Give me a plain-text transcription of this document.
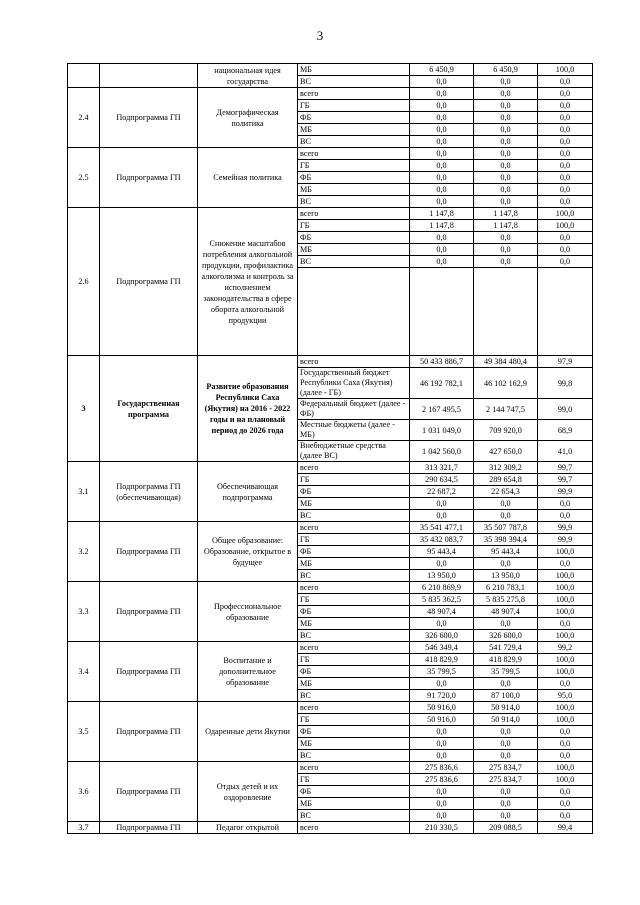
3
		национальная идея государства	МБ	6 450,9	6 450,9	100,0
			ВС	0,0	0,0	0,0
2.4	Подпрограмма ГП	Демографическая политика	всего	0,0	0,0	0,0
			ГБ	0,0	0,0	0,0
			ФБ	0,0	0,0	0,0
			МБ	0,0	0,0	0,0
			ВС	0,0	0,0	0,0
2.5	Подпрограмма ГП	Семейная политика	всего	0,0	0,0	0,0
			ГБ	0,0	0,0	0,0
			ФБ	0,0	0,0	0,0
			МБ	0,0	0,0	0,0
			ВС	0,0	0,0	0,0
2.6	Подпрограмма ГП	Снижение масштабов потребления алкогольной продукции, профилактика алкоголизма и контроль за исполнением законодательства в сфере оборота алкогольной продукции	всего	1 147,8	1 147,8	100,0
			ГБ	1 147,8	1 147,8	100,0
			ФБ	0,0	0,0	0,0
			МБ	0,0	0,0	0,0
			ВС	0,0	0,0	0,0

3	Государственная программа	Развитие образования Республики Саха (Якутия) на 2016 - 2022 годы и на плановый период до 2026 года	всего	50 433 886,7	49 384 480,4	97,9
			Государственный бюджет Республики Саха (Якутия) (далее - ГБ)	46 192 782,1	46 102 162,9	99,8
			Федеральный бюджет (далее - ФБ)	2 167 495,5	2 144 747,5	99,0
			Местные бюджеты (далее - МБ)	1 031 049,0	709 920,0	68,9
			Внебюджетные средства (далее ВС)	1 042 560,0	427 650,0	41,0
3.1	Подпрограмма ГП (обеспечивающая)	Обеспечивающая подпрограмма	всего	313 321,7	312 309,2	99,7
			ГБ	290 634,5	289 654,8	99,7
			ФБ	22 687,2	22 654,3	99,9
			МБ	0,0	0,0	0,0
			ВС	0,0	0,0	0,0
3.2	Подпрограмма ГП	Общее образование: Образование, открытое в будущее	всего	35 541 477,1	35 507 787,8	99,9
			ГБ	35 432 083,7	35 398 394,4	99,9
			ФБ	95 443,4	95 443,4	100,0
			МБ	0,0	0,0	0,0
			ВС	13 950,0	13 950,0	100,0
3.3	Подпрограмма ГП	Профессиональное образование	всего	6 210 869,9	6 210 783,1	100,0
			ГБ	5 835 362,5	5 835 275,8	100,0
			ФБ	48 907,4	48 907,4	100,0
			МБ	0,0	0,0	0,0
			ВС	326 600,0	326 600,0	100,0
3.4	Подпрограмма ГП	Воспитание и дополнительное образование	всего	546 349,4	541 729,4	99,2
			ГБ	418 829,9	418 829,9	100,0
			ФБ	35 799,5	35 799,5	100,0
			МБ	0,0	0,0	0,0
			ВС	91 720,0	87 100,0	95,0
3.5	Подпрограмма ГП	Одаренные дети Якутии	всего	50 916,0	50 914,0	100,0
			ГБ	50 916,0	50 914,0	100,0
			ФБ	0,0	0,0	0,0
			МБ	0,0	0,0	0,0
			ВС	0,0	0,0	0,0
3.6	Подпрограмма ГП	Отдых детей и их оздоровление	всего	275 836,6	275 834,7	100,0
			ГБ	275 836,6	275 834,7	100,0
			ФБ	0,0	0,0	0,0
			МБ	0,0	0,0	0,0
			ВС	0,0	0,0	0,0
3.7	Подпрограмма ГП	Педагог открытой	всего	210 330,5	209 088,5	99,4
